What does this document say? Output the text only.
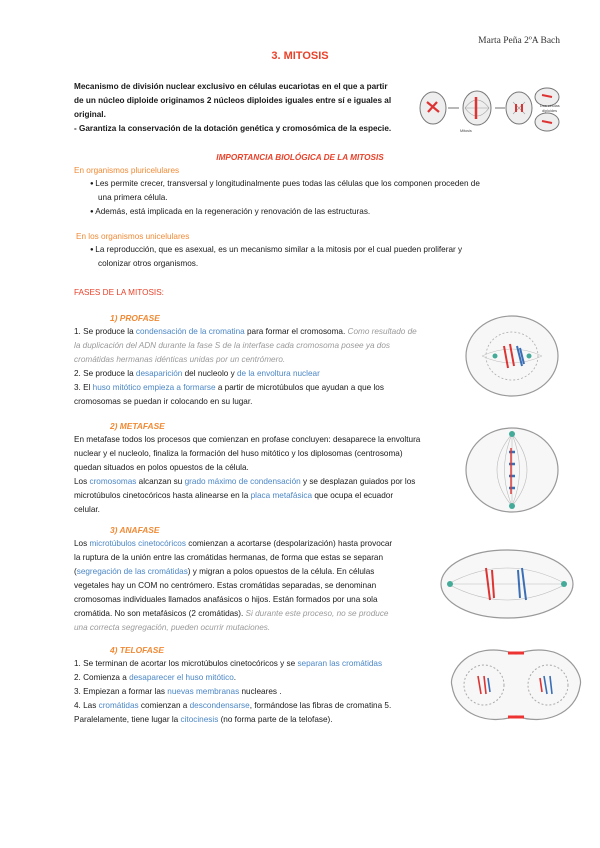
Marta Peña 2ºA Bach
3. MITOSIS
Mecanismo de división nuclear exclusivo en células eucariotas en el que a partir
de un núcleo diploide originamos 2 núcleos diploides iguales entre sí e iguales al
original.
- Garantiza la conservación de la dotación genética y cromosómica de la especie.
Dos células
diploides
Mitosis
IMPORTANCIA BIOLÓGICA DE LA MITOSIS
En organismos pluricelulares
● Les permite crecer, transversal y longitudinalmente pues todas las células que los componen proceden de
una primera célula.
● Además, está implicada en la regeneración y renovación de las estructuras.
En los organismos unicelulares
● La reproducción, que es asexual, es un mecanismo similar a la mitosis por el cual pueden proliferar y
colonizar otros organismos.
FASES DE LA MITOSIS:
1) PROFASE
1. Se produce la condensación de la cromatina para formar el cromosoma. Como resultado de
la duplicación del ADN durante la fase S de la interfase cada cromosoma posee ya dos
cromátidas hermanas idénticas unidas por un centrómero.
2. Se produce la desaparición del nucleolo y de la envoltura nuclear
3. El huso mitótico empieza a formarse a partir de microtúbulos que ayudan a que los
cromosomas se puedan ir colocando en su lugar.
2) METAFASE
En metafase todos los procesos que comienzan en profase concluyen: desaparece la envoltura
nuclear y el nucleolo, finaliza la formación del huso mitótico y los diplosomas (centrosoma)
quedan situados en polos opuestos de la célula.
Los cromosomas alcanzan su grado máximo de condensación y se desplazan guiados por los
microtúbulos cinetocóricos hasta alinearse en la placa metafásica que ocupa el ecuador
celular.
3) ANAFASE
Los microtúbulos cinetocóricos comienzan a acortarse (despolarización) hasta provocar
la ruptura de la unión entre las cromátidas hermanas, de forma que estas se separan
(segregación de las cromátidas) y migran a polos opuestos de la célula. En células
vegetales hay un COM no centrómero. Estas cromátidas separadas, se denominan
cromosomas individuales llamados anafásicos o hijos. Están formados por una sola
cromátida. No son metafásicos (2 cromátidas). Si durante este proceso, no se produce
una correcta segregación, pueden ocurrir mutaciones.
4) TELOFASE
1. Se terminan de acortar los microtúbulos cinetocóricos y se separan las cromátidas
2. Comienza a desaparecer el huso mitótico.
3. Empiezan a formar las nuevas membranas nucleares .
4. Las cromátidas comienzan a descondensarse, formándose las fibras de cromatina 5.
Paralelamente, tiene lugar la citocinesis (no forma parte de la telofase).
